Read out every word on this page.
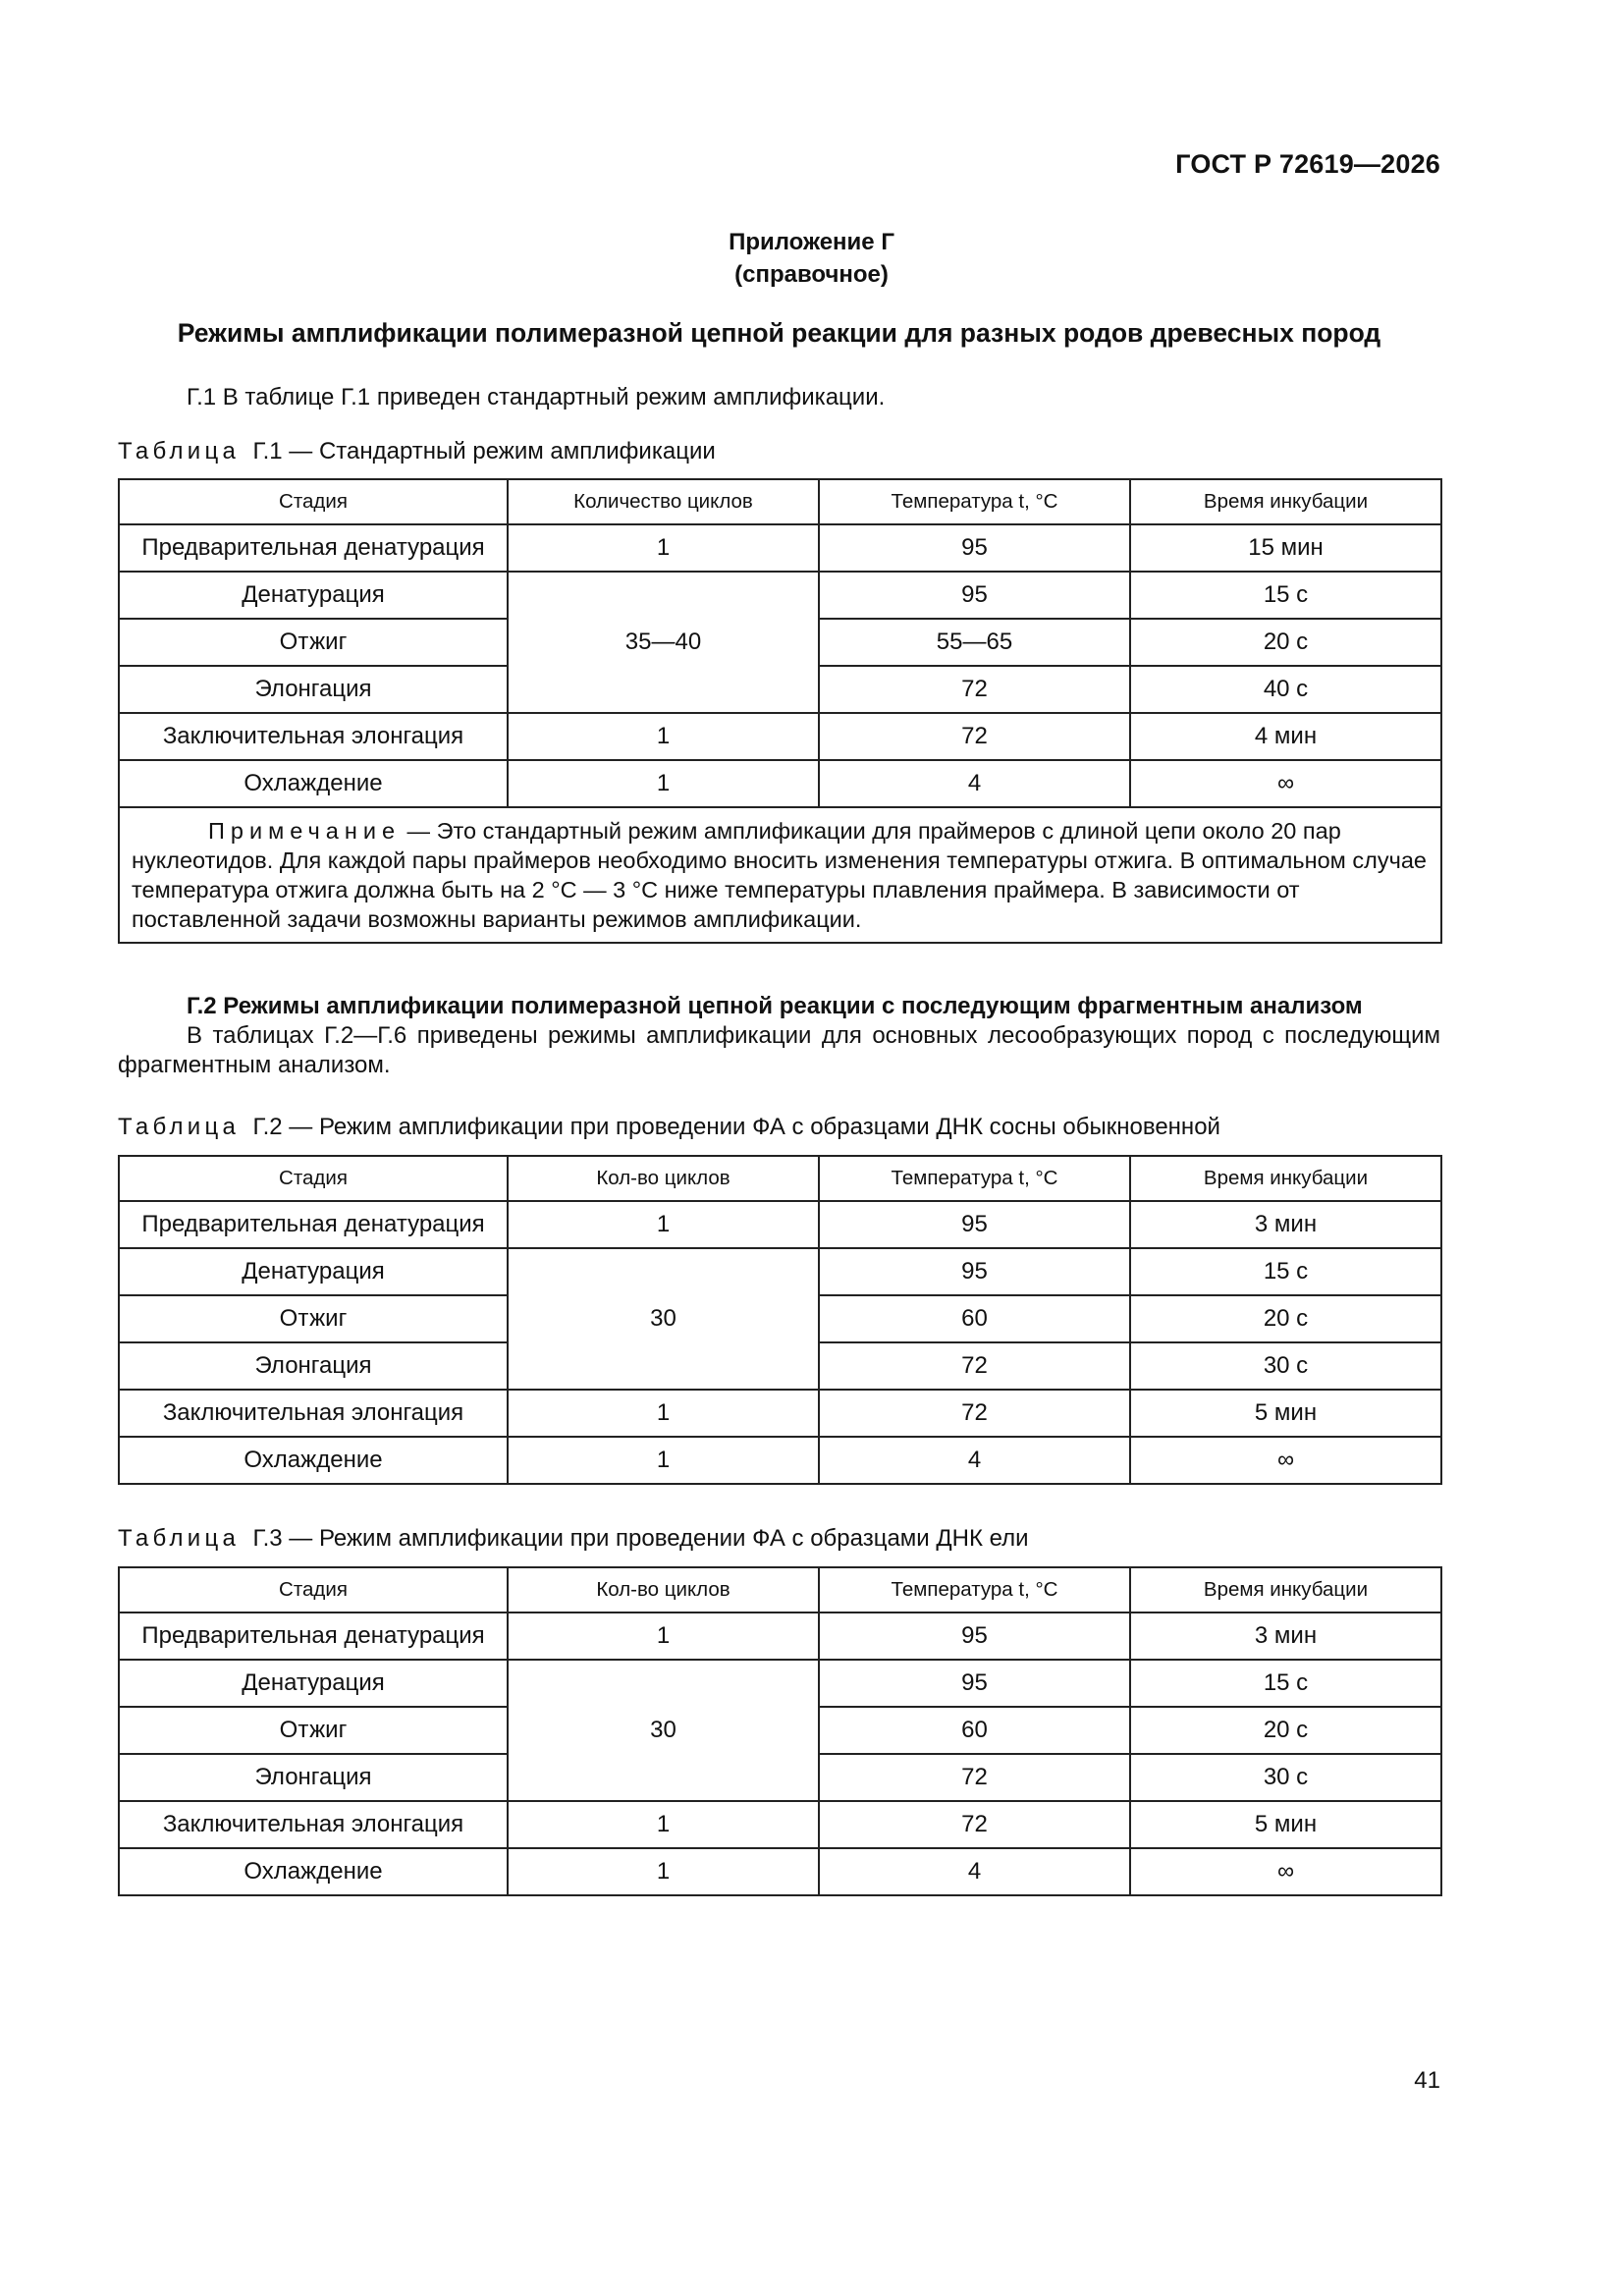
ГОСТ Р 72619—2026
Приложение Г
(справочное)
Режимы амплификации полимеразной цепной реакции для разных родов древесных пород
Г.1 В таблице Г.1 приведен стандартный режим амплификации.
Таблица Г.1 — Стандартный режим амплификации
Стадия	Количество циклов	Температура t, °C	Время инкубации
Предварительная денатурация	1	95	15 мин
Денатурация	35—40	95	15 с
Отжиг		55—65	20 с
Элонгация		72	40 с
Заключительная элонгация	1	72	4 мин
Охлаждение	1	4	∞
Примечание — Это стандартный режим амплификации для праймеров с длиной цепи около 20 пар нуклеотидов. Для каждой пары праймеров необходимо вносить изменения температуры отжига. В оптимальном случае температура отжига должна быть на 2 °C — 3 °C ниже температуры плавления праймера. В зависимости от поставленной задачи возможны варианты режимов амплификации.			
Г.2 Режимы амплификации полимеразной цепной реакции с последующим фрагментным анализом
В таблицах Г.2—Г.6 приведены режимы амплификации для основных лесообразующих пород с последующим фрагментным анализом.
Таблица Г.2 — Режим амплификации при проведении ФА с образцами ДНК сосны обыкновенной
Стадия	Кол-во циклов	Температура t, °C	Время инкубации
Предварительная денатурация	1	95	3 мин
Денатурация	30	95	15 с
Отжиг		60	20 с
Элонгация		72	30 с
Заключительная элонгация	1	72	5 мин
Охлаждение	1	4	∞
Таблица Г.3 — Режим амплификации при проведении ФА с образцами ДНК ели
Стадия	Кол-во циклов	Температура t, °C	Время инкубации
Предварительная денатурация	1	95	3 мин
Денатурация	30	95	15 с
Отжиг		60	20 с
Элонгация		72	30 с
Заключительная элонгация	1	72	5 мин
Охлаждение	1	4	∞
41
